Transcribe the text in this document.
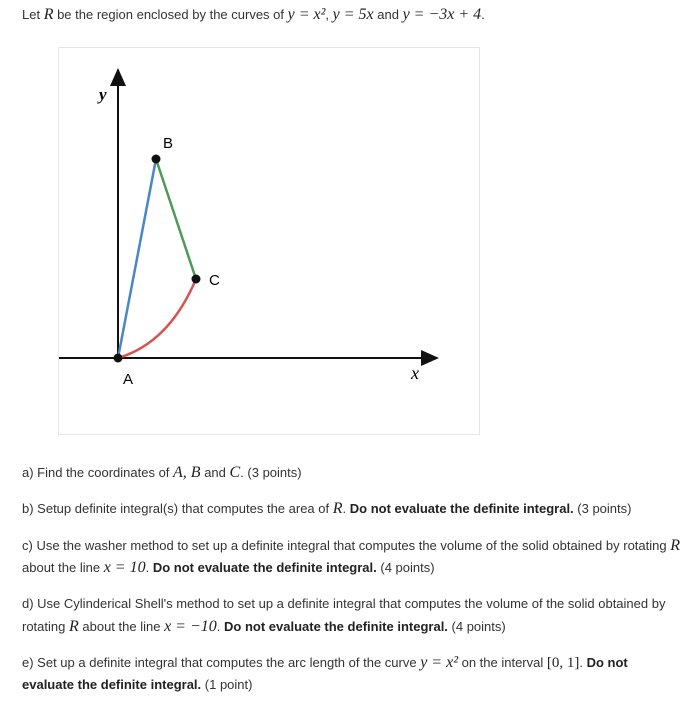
Let R be the region enclosed by the curves of y = x², y = 5x and y = −3x + 4.
y
x
A
B
C
a) Find the coordinates of A, B and C. (3 points)
b) Setup definite integral(s) that computes the area of R. Do not evaluate the definite integral. (3 points)
c) Use the washer method to set up a definite integral that computes the volume of the solid obtained by rotating R
about the line x = 10. Do not evaluate the definite integral. (4 points)
d) Use Cylinderical Shell's method to set up a definite integral that computes the volume of the solid obtained by
rotating R about the line x = −10. Do not evaluate the definite integral. (4 points)
e) Set up a definite integral that computes the arc length of the curve y = x² on the interval [0, 1]. Do not
evaluate the definite integral. (1 point)
